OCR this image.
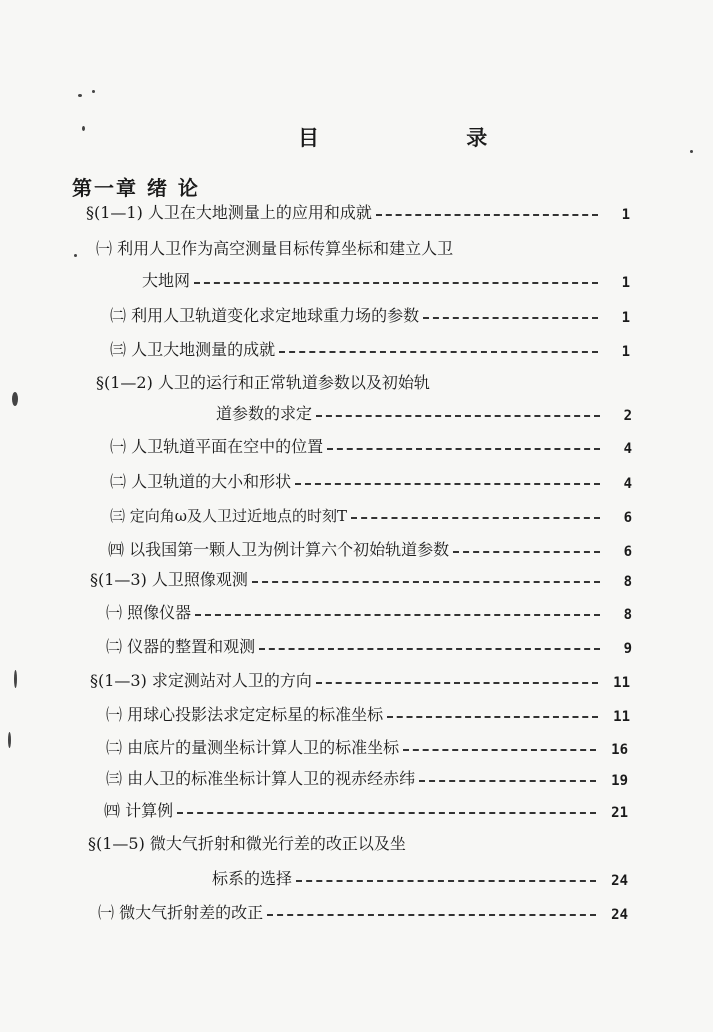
目 录
第一章 绪 论
§(1—1) 人卫在大地测量上的应用和成就	1
㈠ 利用人卫作为高空测量目标传算坐标和建立人卫
大地网	1
㈡ 利用人卫轨道变化求定地球重力场的参数	1
㈢ 人卫大地测量的成就	1
§(1—2) 人卫的运行和正常轨道参数以及初始轨
道参数的求定	2
㈠ 人卫轨道平面在空中的位置	4
㈡ 人卫轨道的大小和形状	4
㈢ 定向角ω及人卫过近地点的时刻T	6
㈣ 以我国第一颗人卫为例计算六个初始轨道参数	6
§(1—3) 人卫照像观测	8
㈠ 照像仪器	8
㈡ 仪器的整置和观测	9
§(1—3) 求定测站对人卫的方向	11
㈠ 用球心投影法求定定标星的标准坐标	11
㈡ 由底片的量测坐标计算人卫的标准坐标	16
㈢ 由人卫的标准坐标计算人卫的视赤经赤纬	19
㈣ 计算例	21
§(1—5) 微大气折射和微光行差的改正以及坐
标系的选择	24
㈠ 微大气折射差的改正	24
